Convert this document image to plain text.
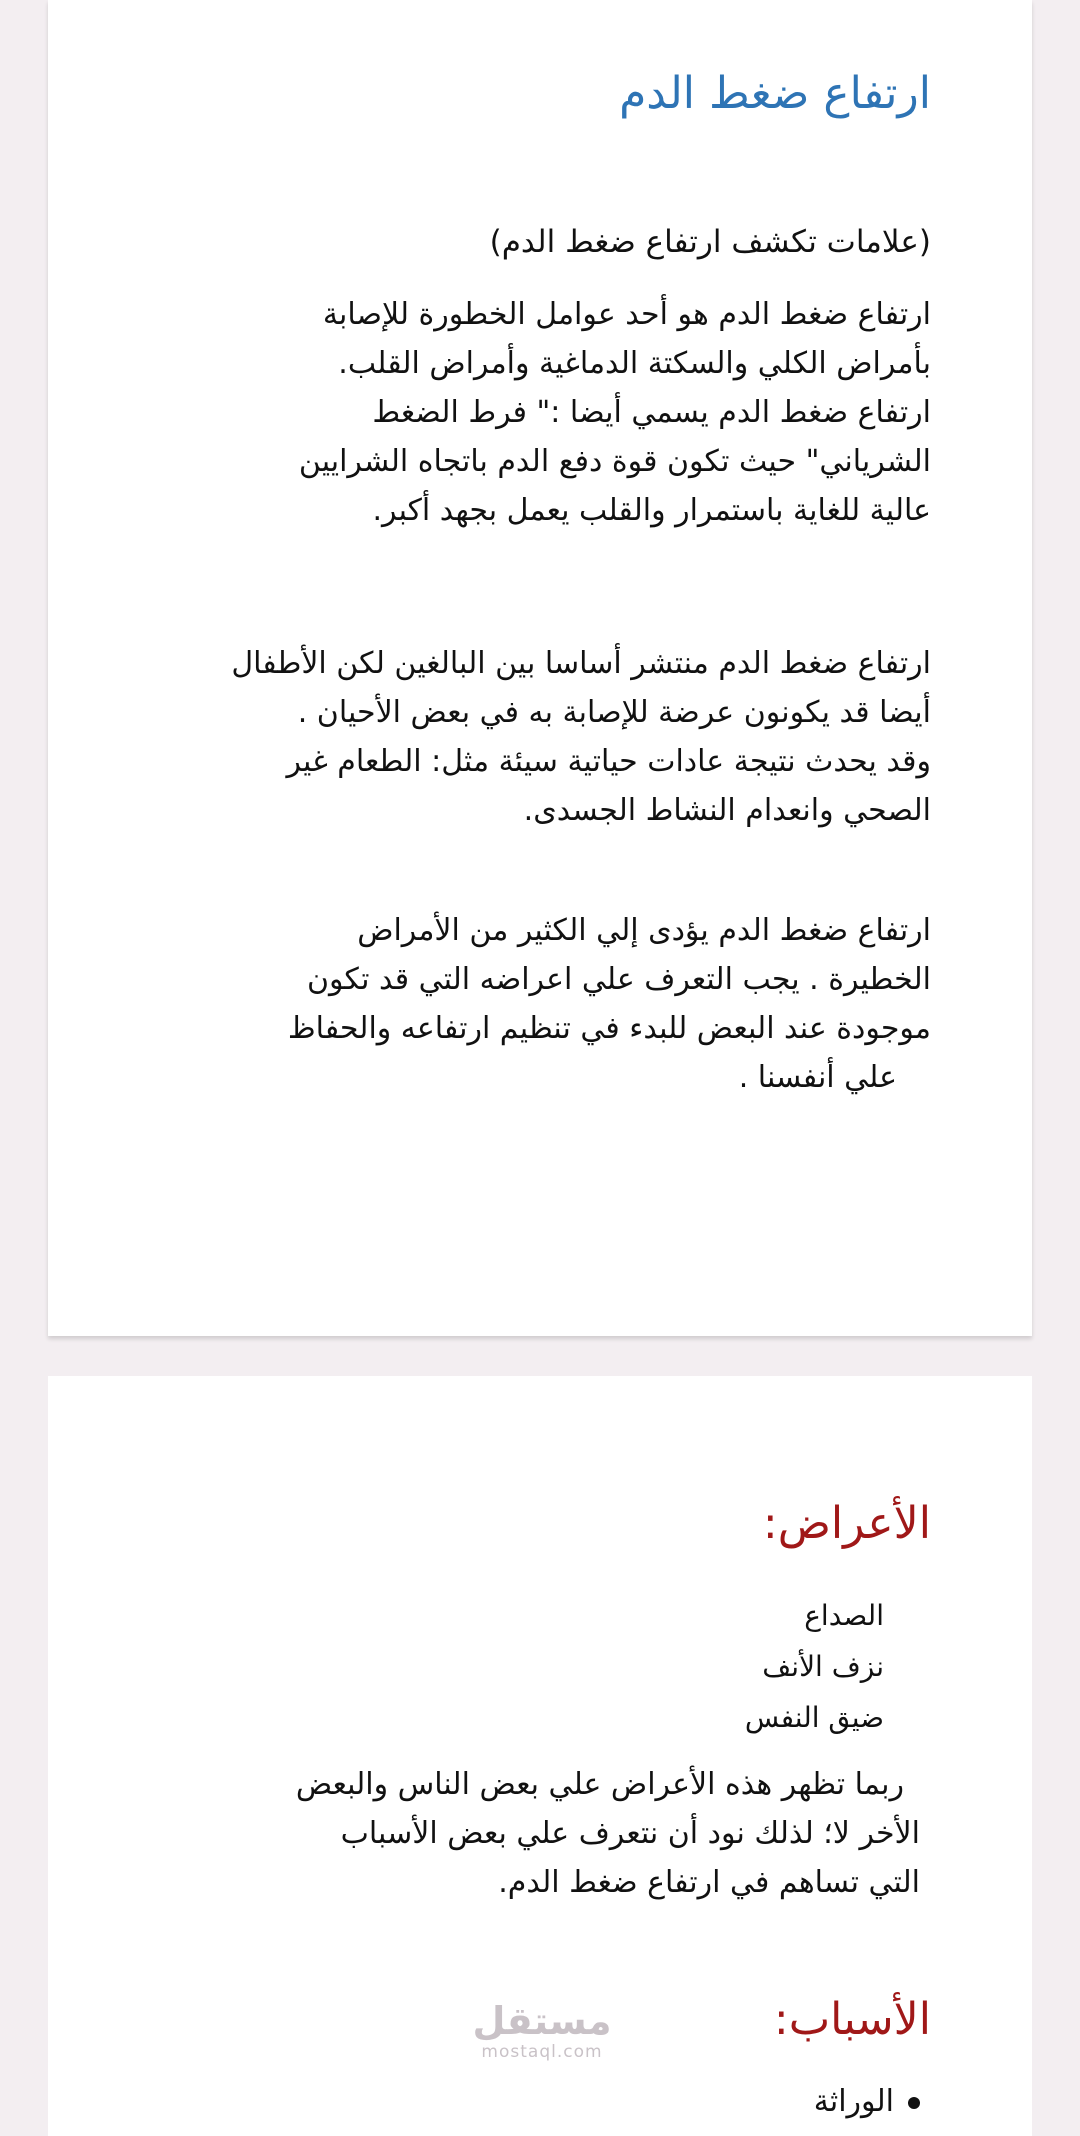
ارتفاع ضغط الدم
(علامات تكشف ارتفاع ضغط الدم)
ارتفاع ضغط الدم هو أحد عوامل الخطورة للإصابة
بأمراض الكلي والسكتة الدماغية وأمراض القلب.
ارتفاع ضغط الدم يسمي أيضا :" فرط الضغط
الشرياني" حيث تكون قوة دفع الدم باتجاه الشرايين
عالية للغاية باستمرار والقلب يعمل بجهد أكبر.
ارتفاع ضغط الدم منتشر أساسا بين البالغين لكن الأطفال
أيضا قد يكونون عرضة للإصابة به في بعض الأحيان .
وقد يحدث نتيجة عادات حياتية سيئة مثل: الطعام غير
الصحي وانعدام النشاط الجسدى.
ارتفاع ضغط الدم يؤدى إلي الكثير من الأمراض
الخطيرة . يجب التعرف علي اعراضه التي قد تكون
موجودة عند البعض للبدء في تنظيم ارتفاعه والحفاظ
علي أنفسنا .
الأعراض:
الصداع
نزف الأنف
ضيق النفس
ربما تظهر هذه الأعراض علي بعض الناس والبعض
الأخر لا؛ لذلك نود أن نتعرف علي بعض الأسباب
التي تساهم في ارتفاع ضغط الدم.
الأسباب:
الوراثة
مستقل
mostaql.com
